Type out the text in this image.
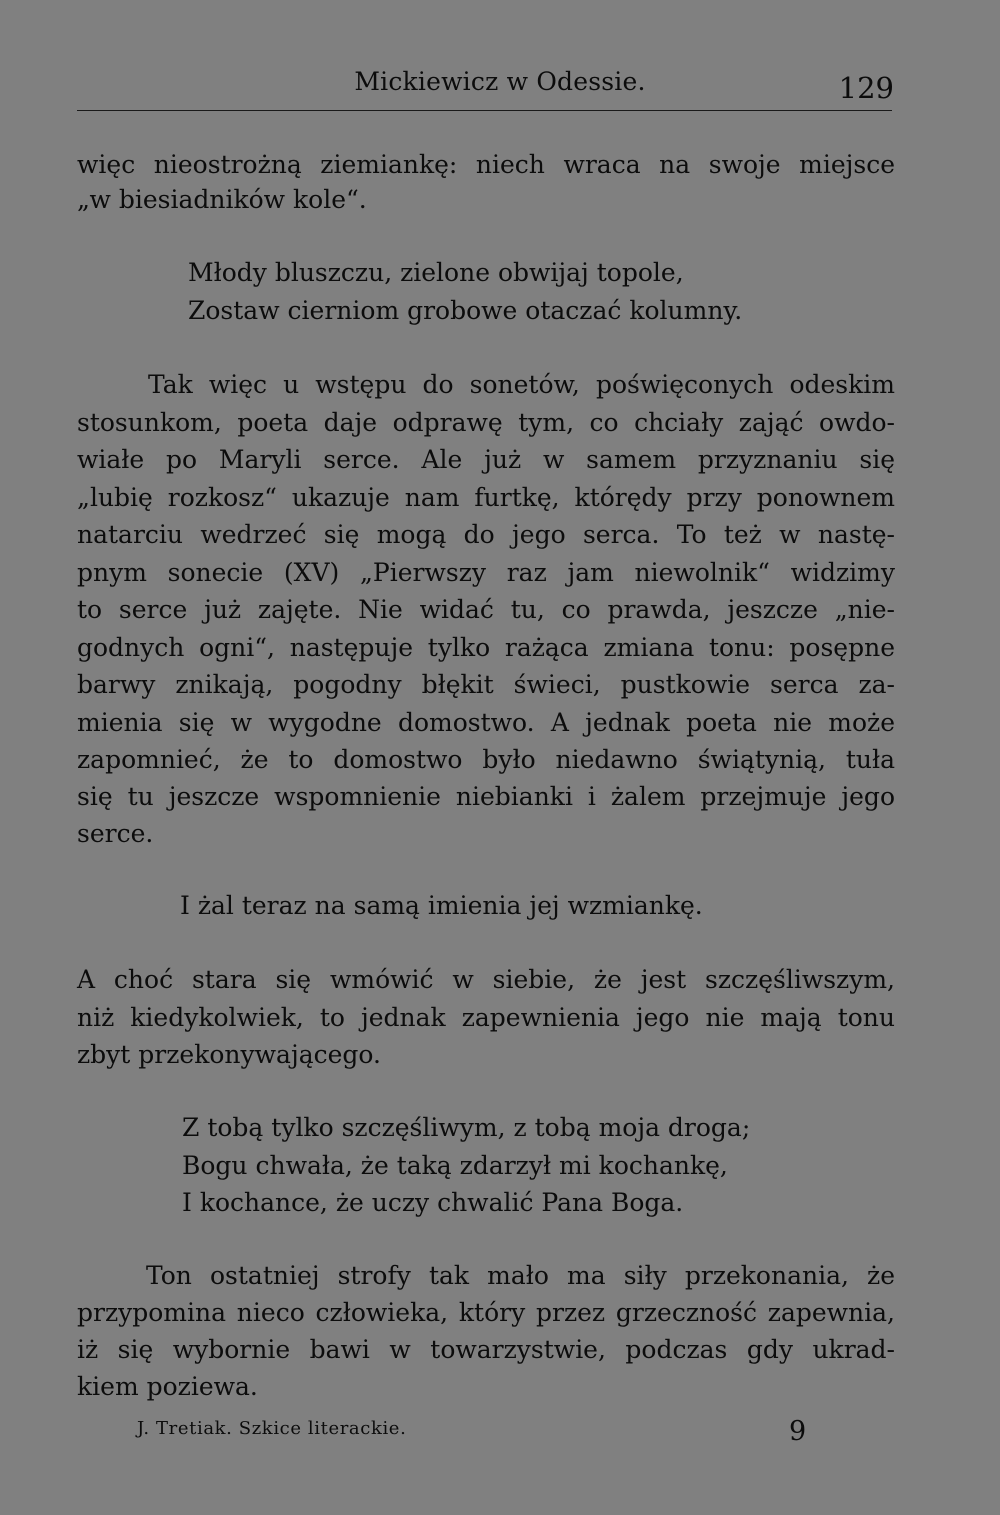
Mickiewicz w Odessie.	129
więc nieostrożną ziemiankę: niech wraca na swoje miejsce
„w biesiadników kole“.
Młody bluszczu, zielone obwijaj topole,
Zostaw cierniom grobowe otaczać kolumny.
Tak więc u wstępu do sonetów, poświęconych odeskim
stosunkom, poeta daje odprawę tym, co chciały zająć owdo-
wiałe po Maryli serce. Ale już w samem przyznaniu się
„lubię rozkosz“ ukazuje nam furtkę, którędy przy ponownem
natarciu wedrzeć się mogą do jego serca. To też w nastę-
pnym sonecie (XV) „Pierwszy raz jam niewolnik“ widzimy
to serce już zajęte. Nie widać tu, co prawda, jeszcze „nie-
godnych ogni“, następuje tylko rażąca zmiana tonu: posępne
barwy znikają, pogodny błękit świeci, pustkowie serca za-
mienia się w wygodne domostwo. A jednak poeta nie może
zapomnieć, że to domostwo było niedawno świątynią, tuła
się tu jeszcze wspomnienie niebianki i żalem przejmuje jego
serce.
I żal teraz na samą imienia jej wzmiankę.
A choć stara się wmówić w siebie, że jest szczęśliwszym,
niż kiedykolwiek, to jednak zapewnienia jego nie mają tonu
zbyt przekonywającego.
Z tobą tylko szczęśliwym, z tobą moja droga;
Bogu chwała, że taką zdarzył mi kochankę,
I kochance, że uczy chwalić Pana Boga.
Ton ostatniej strofy tak mało ma siły przekonania, że
przypomina nieco człowieka, który przez grzeczność zapewnia,
iż się wybornie bawi w towarzystwie, podczas gdy ukrad-
kiem poziewa.
J. Tretiak. Szkice literackie.	9
